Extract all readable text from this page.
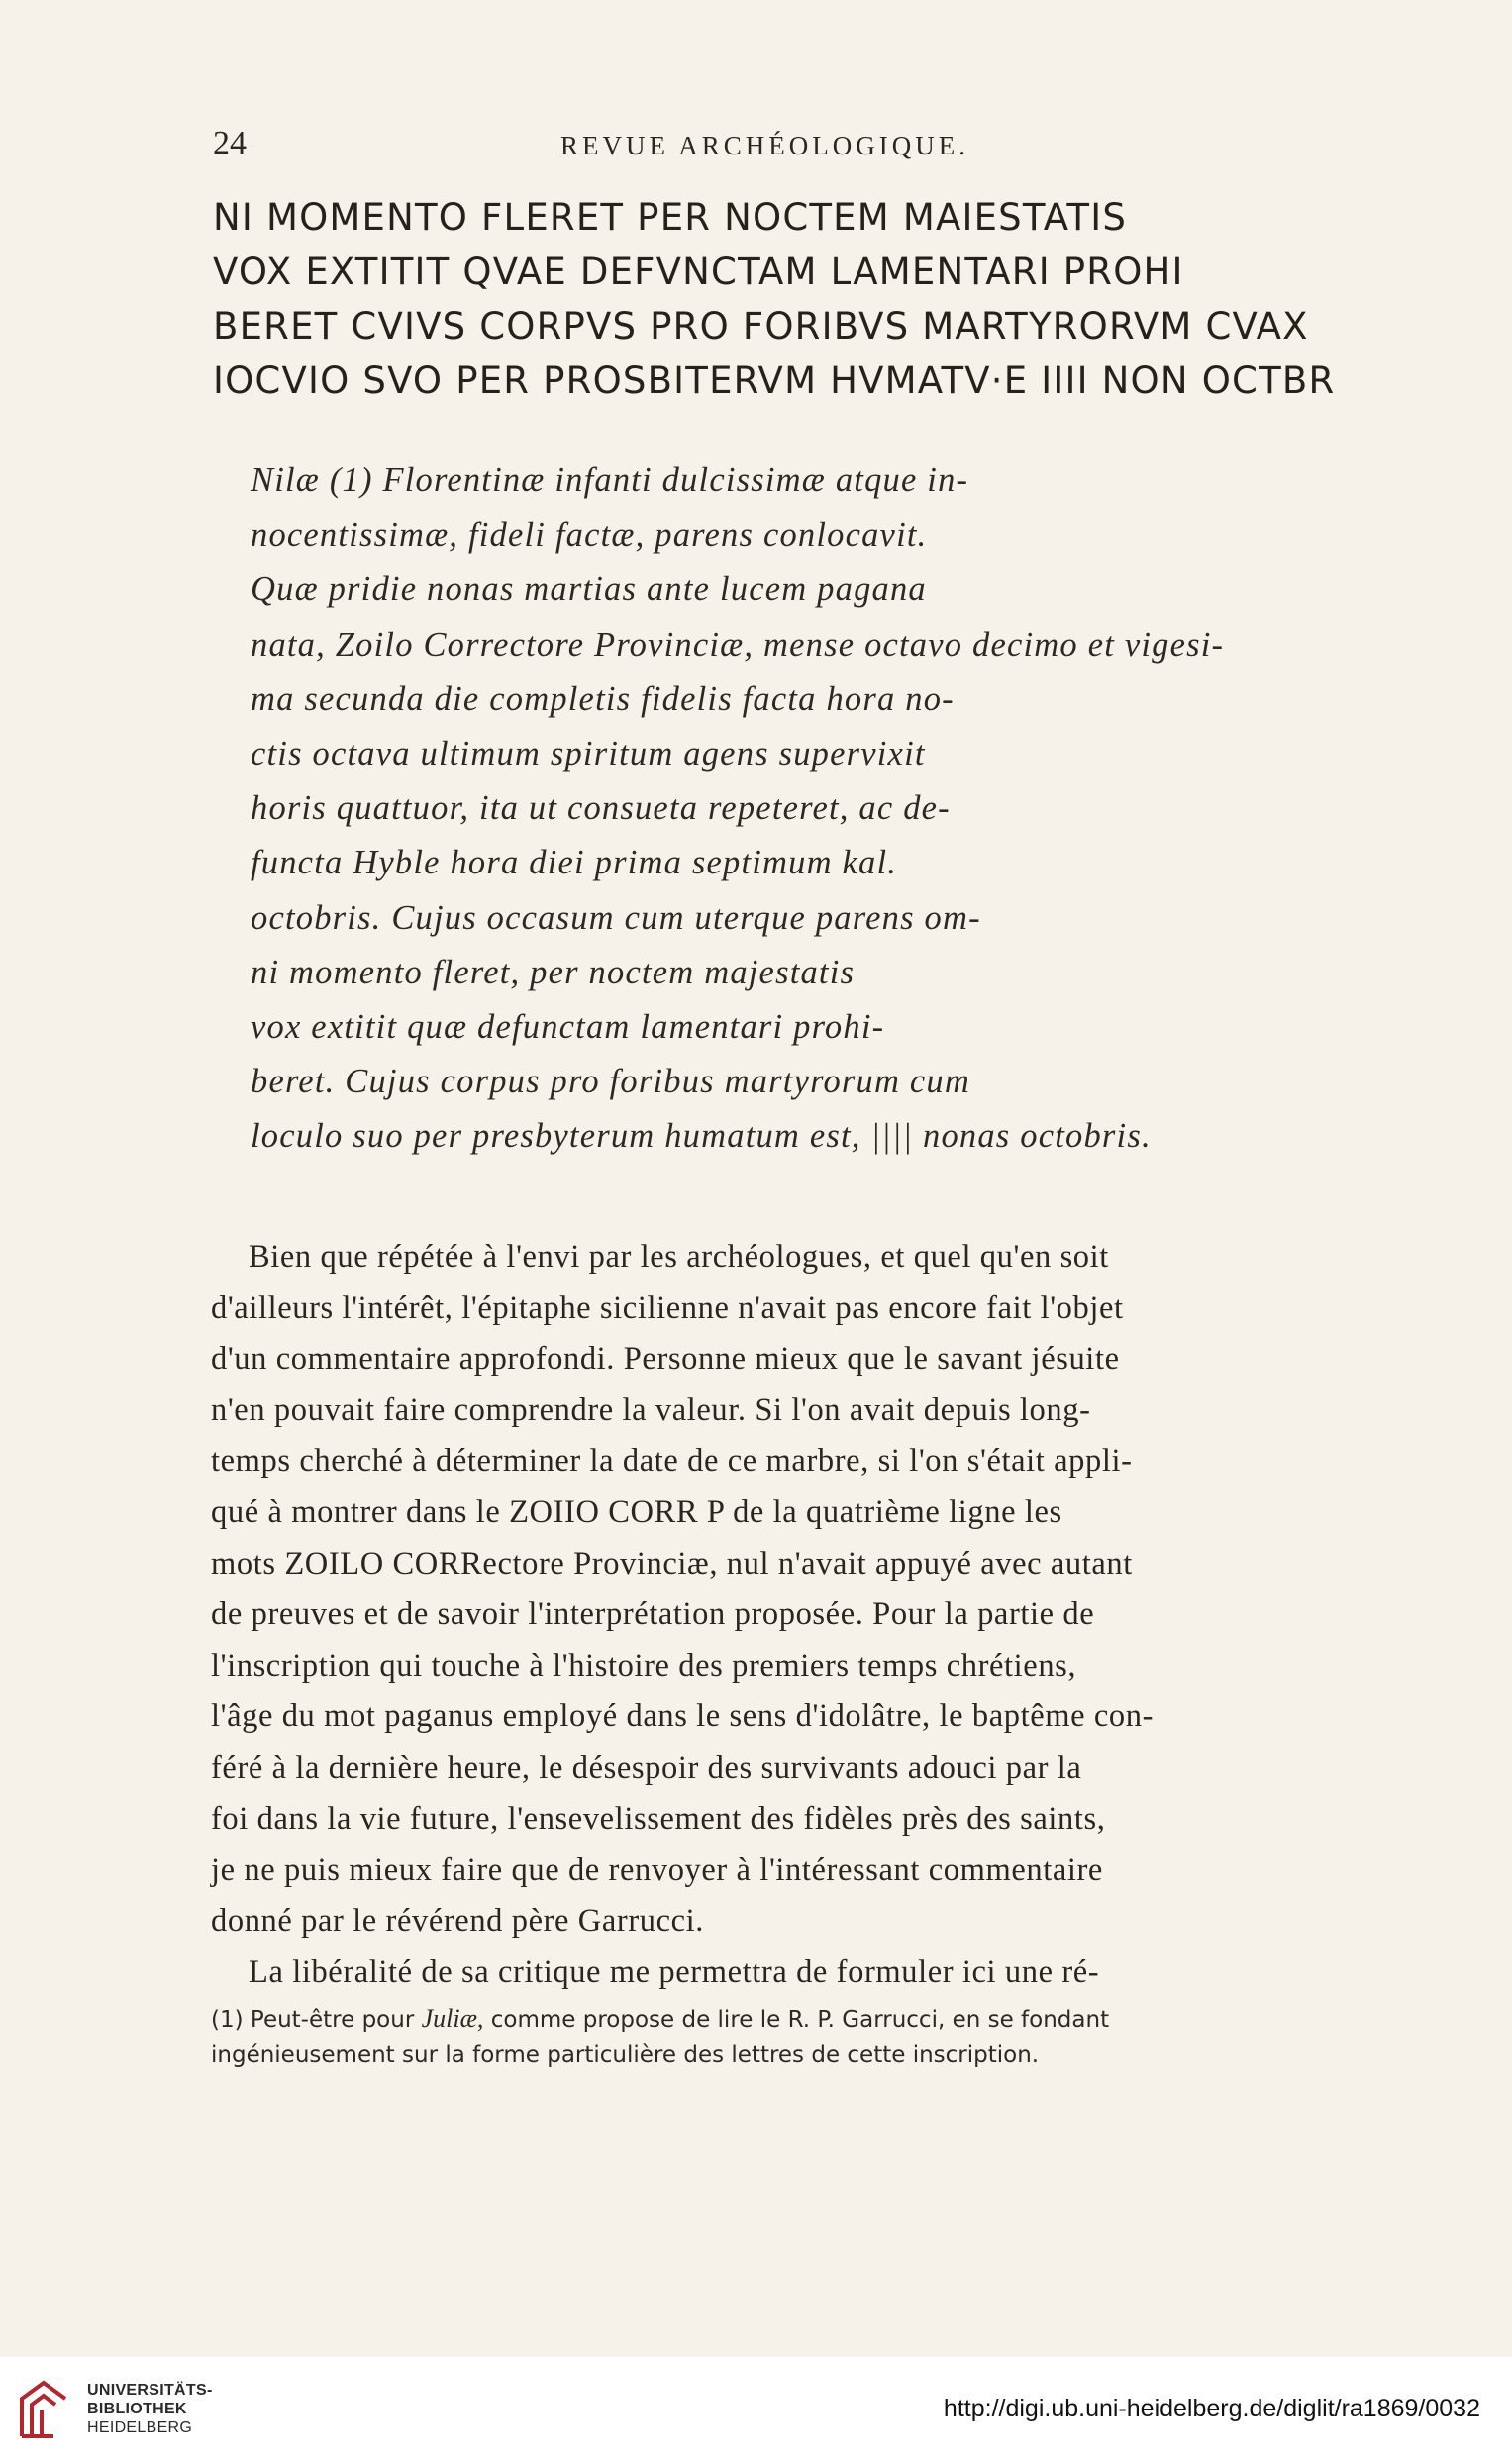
24	REVUE ARCHÉOLOGIQUE.
NI MOMENTO FLERET PER NOCTEM MAIESTATIS
VOX EXTITIT QVAE DEFVNCTAM LAMENTARI PROHI
BERET CVIVS CORPVS PRO FORIBVS MARTYRORVM CVAX
IOCVIO SVO PER PROSBITERVM HVMATV·E IIII NON OCTBR
Nilæ (1) Florentinæ infanti dulcissimæ atque in-
nocentissimæ, fideli factæ, parens conlocavit.
Quæ pridie nonas martias ante lucem pagana
nata, Zoilo Correctore Provinciæ, mense octavo decimo et vigesi-
ma secunda die completis fidelis facta hora no-
ctis octava ultimum spiritum agens supervixit
horis quattuor, ita ut consueta repeteret, ac de-
functa Hyble hora diei prima septimum kal.
octobris. Cujus occasum cum uterque parens om-
ni momento fleret, per noctem majestatis
vox extitit quæ defunctam lamentari prohi-
beret. Cujus corpus pro foribus martyrorum cum
loculo suo per presbyterum humatum est, |||| nonas octobris.
Bien que répétée à l'envi par les archéologues, et quel qu'en soit
d'ailleurs l'intérêt, l'épitaphe sicilienne n'avait pas encore fait l'objet
d'un commentaire approfondi. Personne mieux que le savant jésuite
n'en pouvait faire comprendre la valeur. Si l'on avait depuis long-
temps cherché à déterminer la date de ce marbre, si l'on s'était appli-
qué à montrer dans le ZOIIO CORR P de la quatrième ligne les
mots ZOILO CORRectore Provinciæ, nul n'avait appuyé avec autant
de preuves et de savoir l'interprétation proposée. Pour la partie de
l'inscription qui touche à l'histoire des premiers temps chrétiens,
l'âge du mot paganus employé dans le sens d'idolâtre, le baptême con-
féré à la dernière heure, le désespoir des survivants adouci par la
foi dans la vie future, l'ensevelissement des fidèles près des saints,
je ne puis mieux faire que de renvoyer à l'intéressant commentaire
donné par le révérend père Garrucci.
La libéralité de sa critique me permettra de formuler ici une ré-
(1) Peut-être pour Juliæ, comme propose de lire le R. P. Garrucci, en se fondant
ingénieusement sur la forme particulière des lettres de cette inscription.
UNIVERSITÄTS-
BIBLIOTHEK
HEIDELBERG
http://digi.ub.uni-heidelberg.de/diglit/ra1869/0032
